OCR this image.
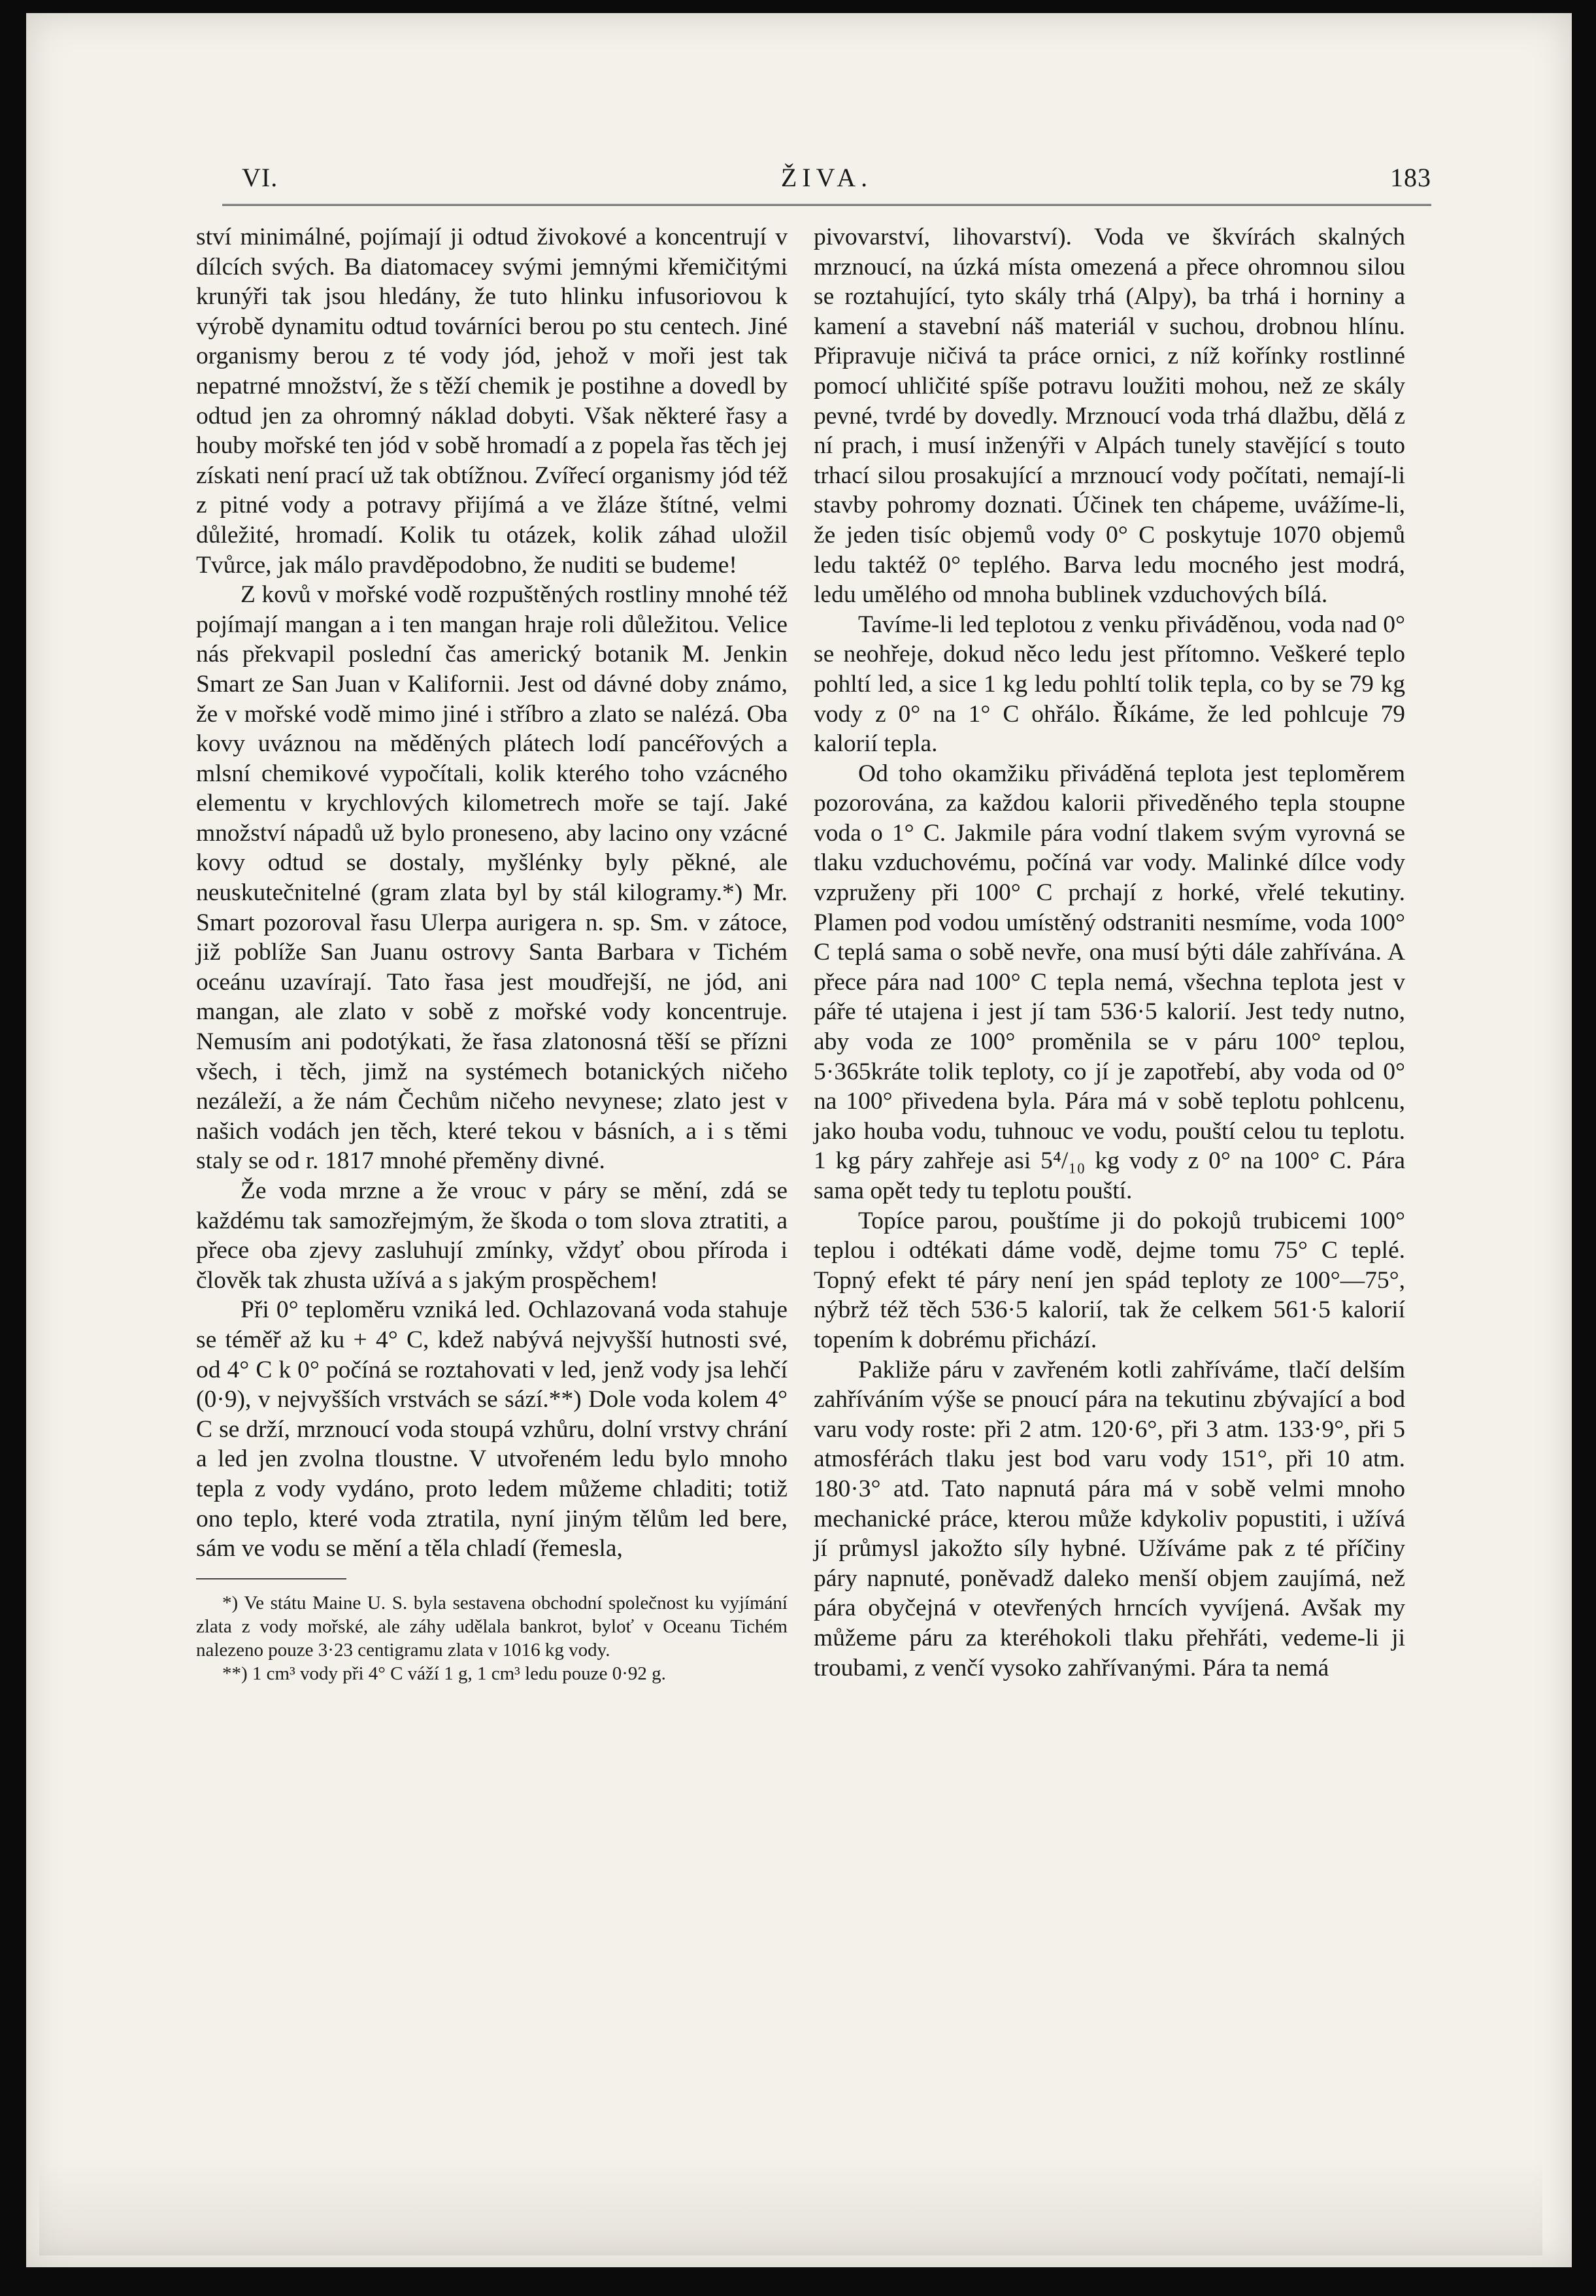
VI.	ŽIVA.	183

ství minimálné, pojímají ji odtud živokové a koncentrují v dílcích svých. Ba diatomacey svými jemnými křemičitými krunýři tak jsou hledány, že tuto hlinku infusoriovou k výrobě dynamitu odtud továrníci berou po stu centech. Jiné organismy berou z té vody jód, jehož v moři jest tak nepatrné množství, že s těží chemik je postihne a dovedl by odtud jen za ohromný náklad dobyti. Však některé řasy a houby mořské ten jód v sobě hromadí a z popela řas těch jej získati není prací už tak obtížnou. Zvířecí organismy jód též z pitné vody a potravy přijímá a ve žláze štítné, velmi důležité, hromadí. Kolik tu otázek, kolik záhad uložil Tvůrce, jak málo pravděpodobno, že nuditi se budeme!

Z kovů v mořské vodě rozpuštěných rostliny mnohé též pojímají mangan a i ten mangan hraje roli důležitou. Velice nás překvapil poslední čas americký botanik M. Jenkin Smart ze San Juan v Kalifornii. Jest od dávné doby známo, že v mořské vodě mimo jiné i stříbro a zlato se nalézá. Oba kovy uváznou na měděných plátech lodí pancéřových a mlsní chemikové vypočítali, kolik kterého toho vzácného elementu v krychlových kilometrech moře se tají. Jaké množství nápadů už bylo proneseno, aby lacino ony vzácné kovy odtud se dostaly, myšlénky byly pěkné, ale neuskutečnitelné (gram zlata byl by stál kilogramy.*) Mr. Smart pozoroval řasu Ulerpa aurigera n. sp. Sm. v zátoce, již poblíže San Juanu ostrovy Santa Barbara v Tichém oceánu uzavírají. Tato řasa jest moudřejší, ne jód, ani mangan, ale zlato v sobě z mořské vody koncentruje. Nemusím ani podotýkati, že řasa zlatonosná těší se přízni všech, i těch, jimž na systémech botanických ničeho nezáleží, a že nám Čechům ničeho nevynese; zlato jest v našich vodách jen těch, které tekou v básních, a i s těmi staly se od r. 1817 mnohé přeměny divné.

Že voda mrzne a že vrouc v páry se mění, zdá se každému tak samozřejmým, že škoda o tom slova ztratiti, a přece oba zjevy zasluhují zmínky, vždyť obou příroda i člověk tak zhusta užívá a s jakým prospěchem!

Při 0° teploměru vzniká led. Ochlazovaná voda stahuje se téměř až ku + 4° C, kdež nabývá nejvyšší hutnosti své, od 4° C k 0° počíná se roztahovati v led, jenž vody jsa lehčí (0·9), v nejvyšších vrstvách se sází.**) Dole voda kolem 4° C se drží, mrznoucí voda stoupá vzhůru, dolní vrstvy chrání a led jen zvolna tloustne. V utvořeném ledu bylo mnoho tepla z vody vydáno, proto ledem můžeme chladiti; totiž ono teplo, které voda ztratila, nyní jiným tělům led bere, sám ve vodu se mění a těla chladí (řemesla,

*) Ve státu Maine U. S. byla sestavena obchodní společnost ku vyjímání zlata z vody mořské, ale záhy udělala bankrot, byloť v Oceanu Tichém nalezeno pouze 3·23 centigramu zlata v 1016 kg vody.

**) 1 cm³ vody při 4° C váží 1 g, 1 cm³ ledu pouze 0·92 g.

pivovarství, lihovarství). Voda ve škvírách skalných mrznoucí, na úzká místa omezená a přece ohromnou silou se roztahující, tyto skály trhá (Alpy), ba trhá i horniny a kamení a stavební náš materiál v suchou, drobnou hlínu. Připravuje ničivá ta práce ornici, z níž kořínky rostlinné pomocí uhličité spíše potravu loužiti mohou, než ze skály pevné, tvrdé by dovedly. Mrznoucí voda trhá dlažbu, dělá z ní prach, i musí inženýři v Alpách tunely stavějící s touto trhací silou prosakující a mrznoucí vody počítati, nemají-li stavby pohromy doznati. Účinek ten chápeme, uvážíme-li, že jeden tisíc objemů vody 0° C poskytuje 1070 objemů ledu taktéž 0° teplého. Barva ledu mocného jest modrá, ledu umělého od mnoha bublinek vzduchových bílá.

Tavíme-li led teplotou z venku přiváděnou, voda nad 0° se neohřeje, dokud něco ledu jest přítomno. Veškeré teplo pohltí led, a sice 1 kg ledu pohltí tolik tepla, co by se 79 kg vody z 0° na 1° C ohřálo. Říkáme, že led pohlcuje 79 kalorií tepla.

Od toho okamžiku přiváděná teplota jest teploměrem pozorována, za každou kalorii přiveděného tepla stoupne voda o 1° C. Jakmile pára vodní tlakem svým vyrovná se tlaku vzduchovému, počíná var vody. Malinké dílce vody vzpruženy při 100° C prchají z horké, vřelé tekutiny. Plamen pod vodou umístěný odstraniti nesmíme, voda 100° C teplá sama o sobě nevře, ona musí býti dále zahřívána. A přece pára nad 100° C tepla nemá, všechna teplota jest v páře té utajena i jest jí tam 536·5 kalorií. Jest tedy nutno, aby voda ze 100° proměnila se v páru 100° teplou, 5·365kráte tolik teploty, co jí je zapotřebí, aby voda od 0° na 100° přivedena byla. Pára má v sobě teplotu pohlcenu, jako houba vodu, tuhnouc ve vodu, pouští celou tu teplotu. 1 kg páry zahřeje asi 5⁴/₁₀ kg vody z 0° na 100° C. Pára sama opět tedy tu teplotu pouští.

Topíce parou, pouštíme ji do pokojů trubicemi 100° teplou i odtékati dáme vodě, dejme tomu 75° C teplé. Topný efekt té páry není jen spád teploty ze 100°—75°, nýbrž též těch 536·5 kalorií, tak že celkem 561·5 kalorií topením k dobrému přichází.

Pakliže páru v zavřeném kotli zahříváme, tlačí delším zahříváním výše se pnoucí pára na tekutinu zbývající a bod varu vody roste: při 2 atm. 120·6°, při 3 atm. 133·9°, při 5 atmosférách tlaku jest bod varu vody 151°, při 10 atm. 180·3° atd. Tato napnutá pára má v sobě velmi mnoho mechanické práce, kterou může kdykoliv popustiti, i užívá jí průmysl jakožto síly hybné. Užíváme pak z té příčiny páry napnuté, poněvadž daleko menší objem zaujímá, než pára obyčejná v otevřených hrncích vyvíjená. Avšak my můžeme páru za kteréhokoli tlaku přehřáti, vedeme-li ji troubami, z venčí vysoko zahřívanými. Pára ta nemá
